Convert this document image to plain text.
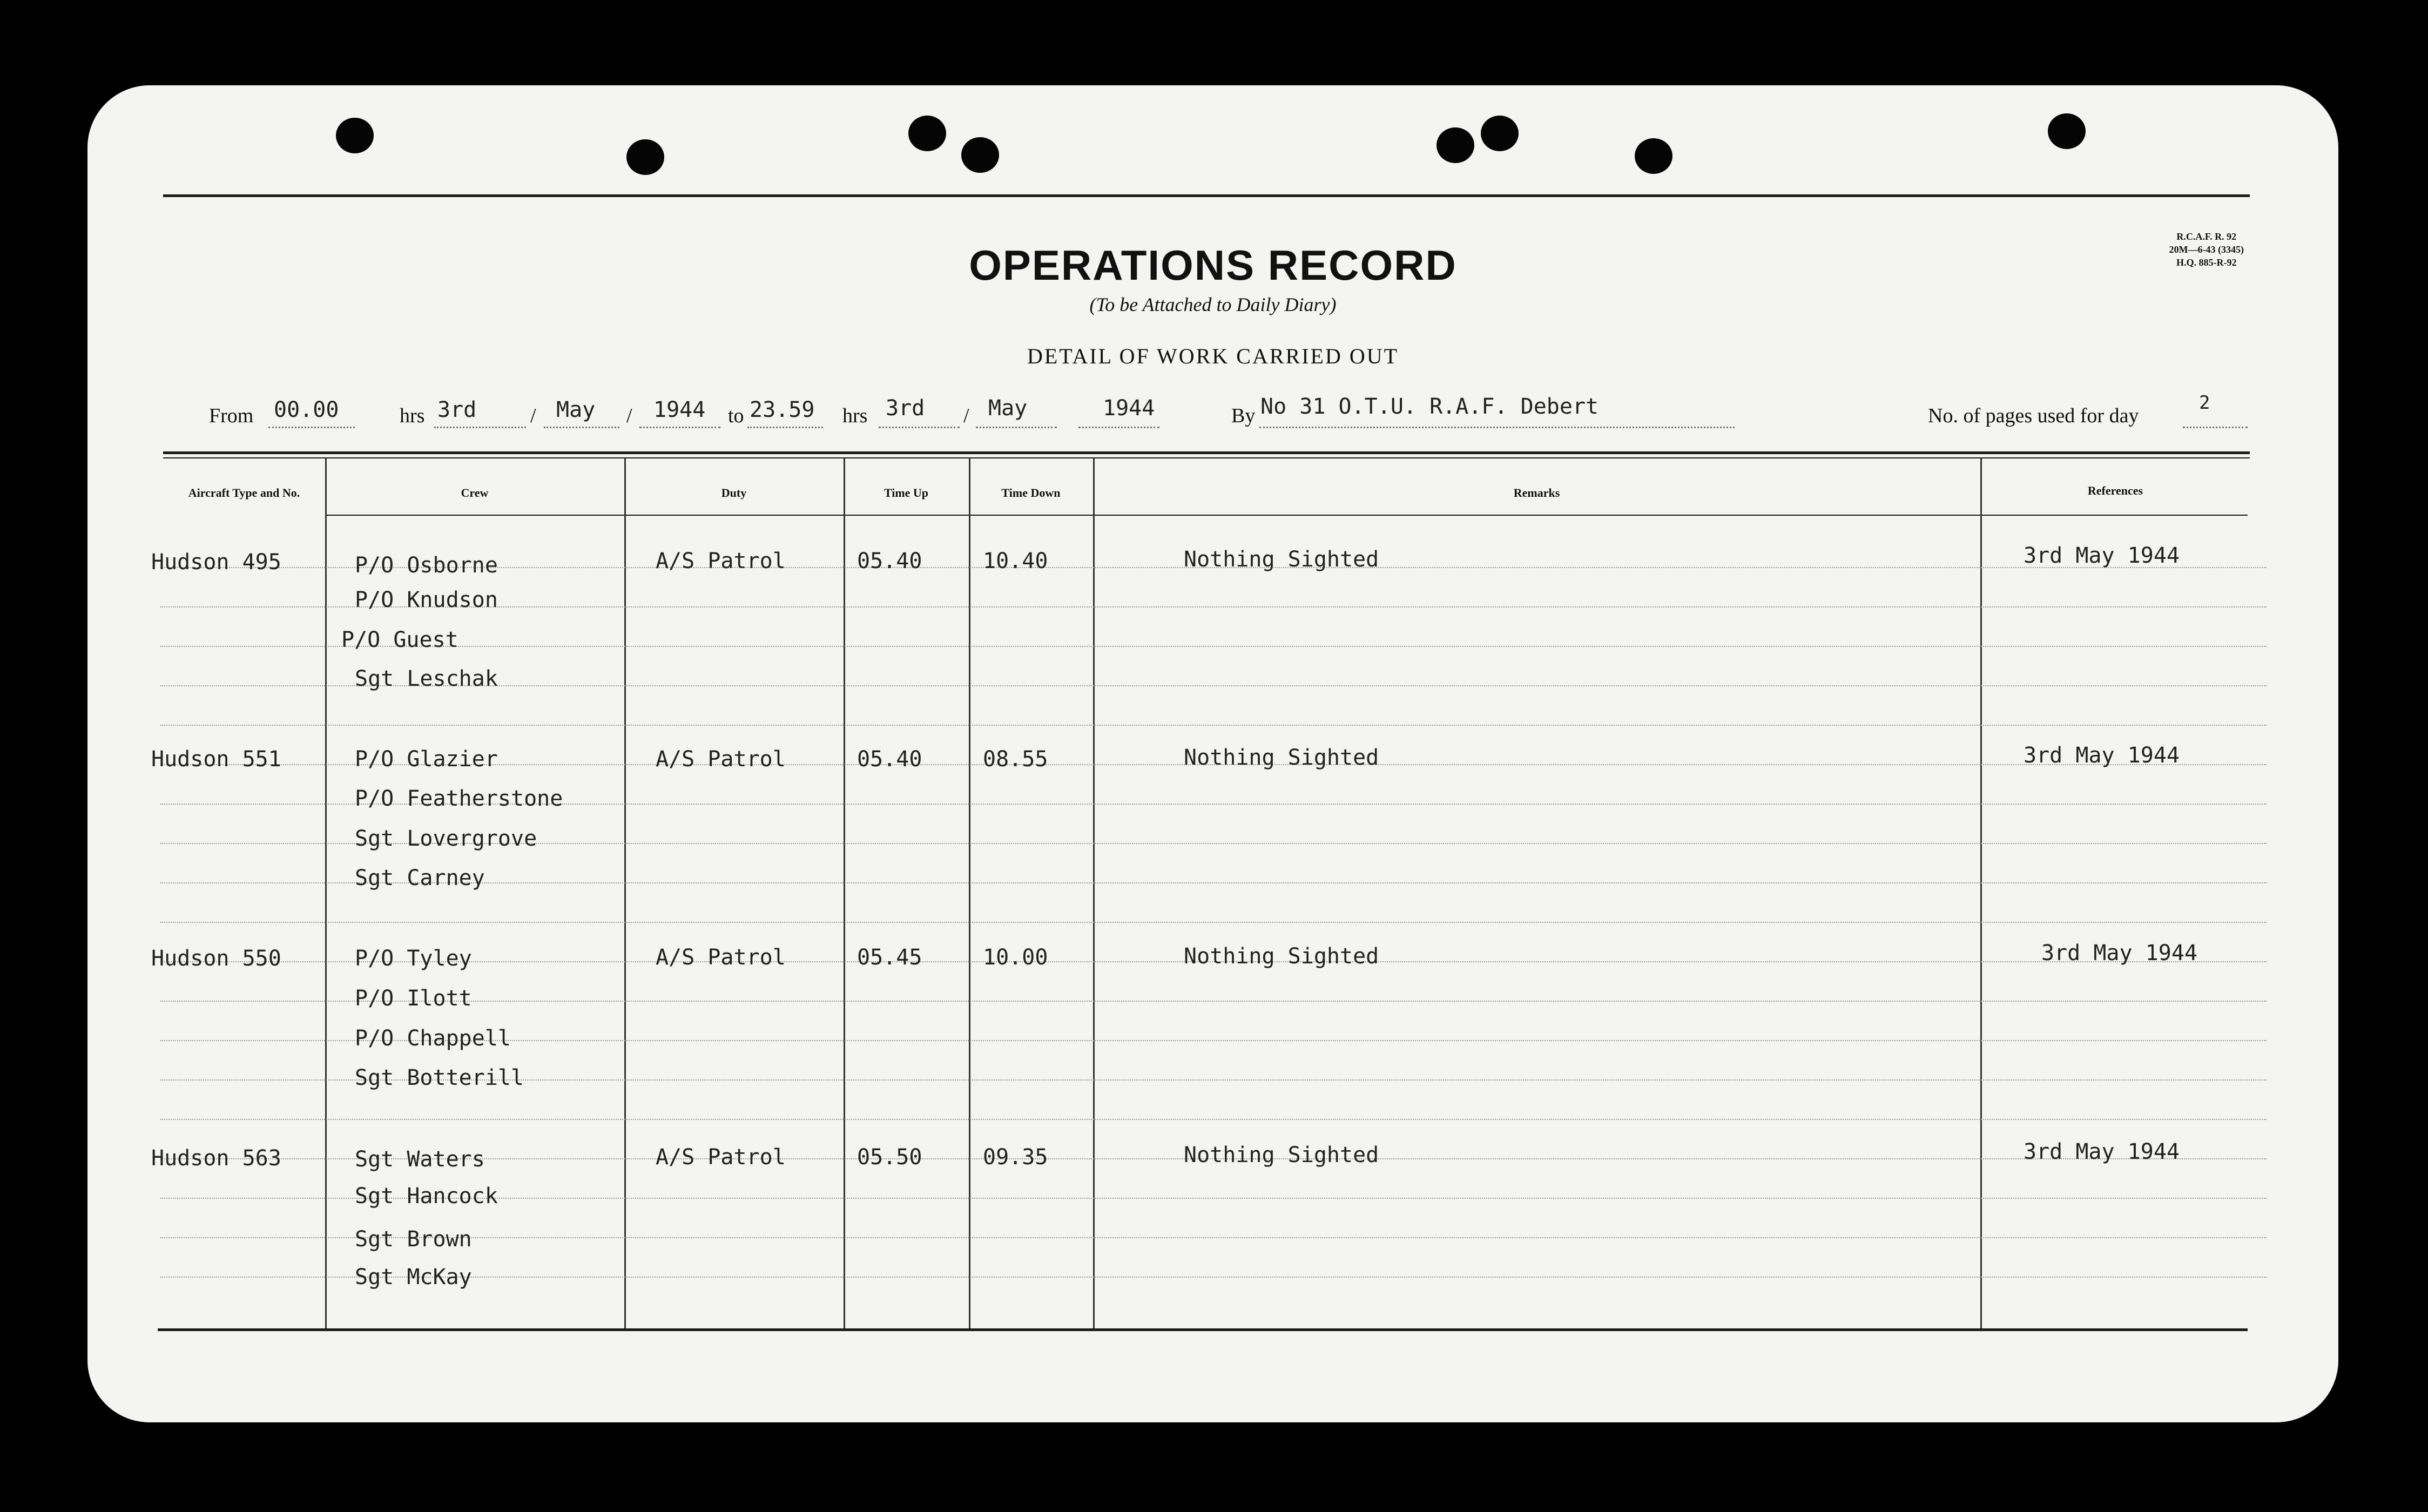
R.C.A.F. R. 92
20M—6-43 (3345)
H.Q. 885-R-92
OPERATIONS RECORD
(To be Attached to Daily Diary)
DETAIL OF WORK CARRIED OUT
From 00.00	hrs 3rd	/ May / 1944 to 23.59 hrs 3rd / May	1944	By No 31 O.T.U. R.A.F. Debert	No. of pages used for day
2
Aircraft Type and No.	Crew	Duty	Time Up	Time Down	Remarks	References
Hudson 495	P/O Osborne
P/O Knudson
P/O Guest
Sgt Leschak
A/S Patrol	05.40	10.40	Nothing Sighted	3rd May 1944
Hudson 551	P/O Glazier
P/O Featherstone
Sgt Lovergrove
Sgt Carney
A/S Patrol	05.40	08.55	Nothing Sighted	3rd May 1944
Hudson 550	P/O Tyley
P/O Ilott
P/O Chappell
Sgt Botterill
A/S Patrol	05.45	10.00	Nothing Sighted	3rd May 1944
Hudson 563	Sgt Waters
Sgt Hancock
Sgt Brown
Sgt McKay
A/S Patrol	05.50	09.35	Nothing Sighted	3rd May 1944
